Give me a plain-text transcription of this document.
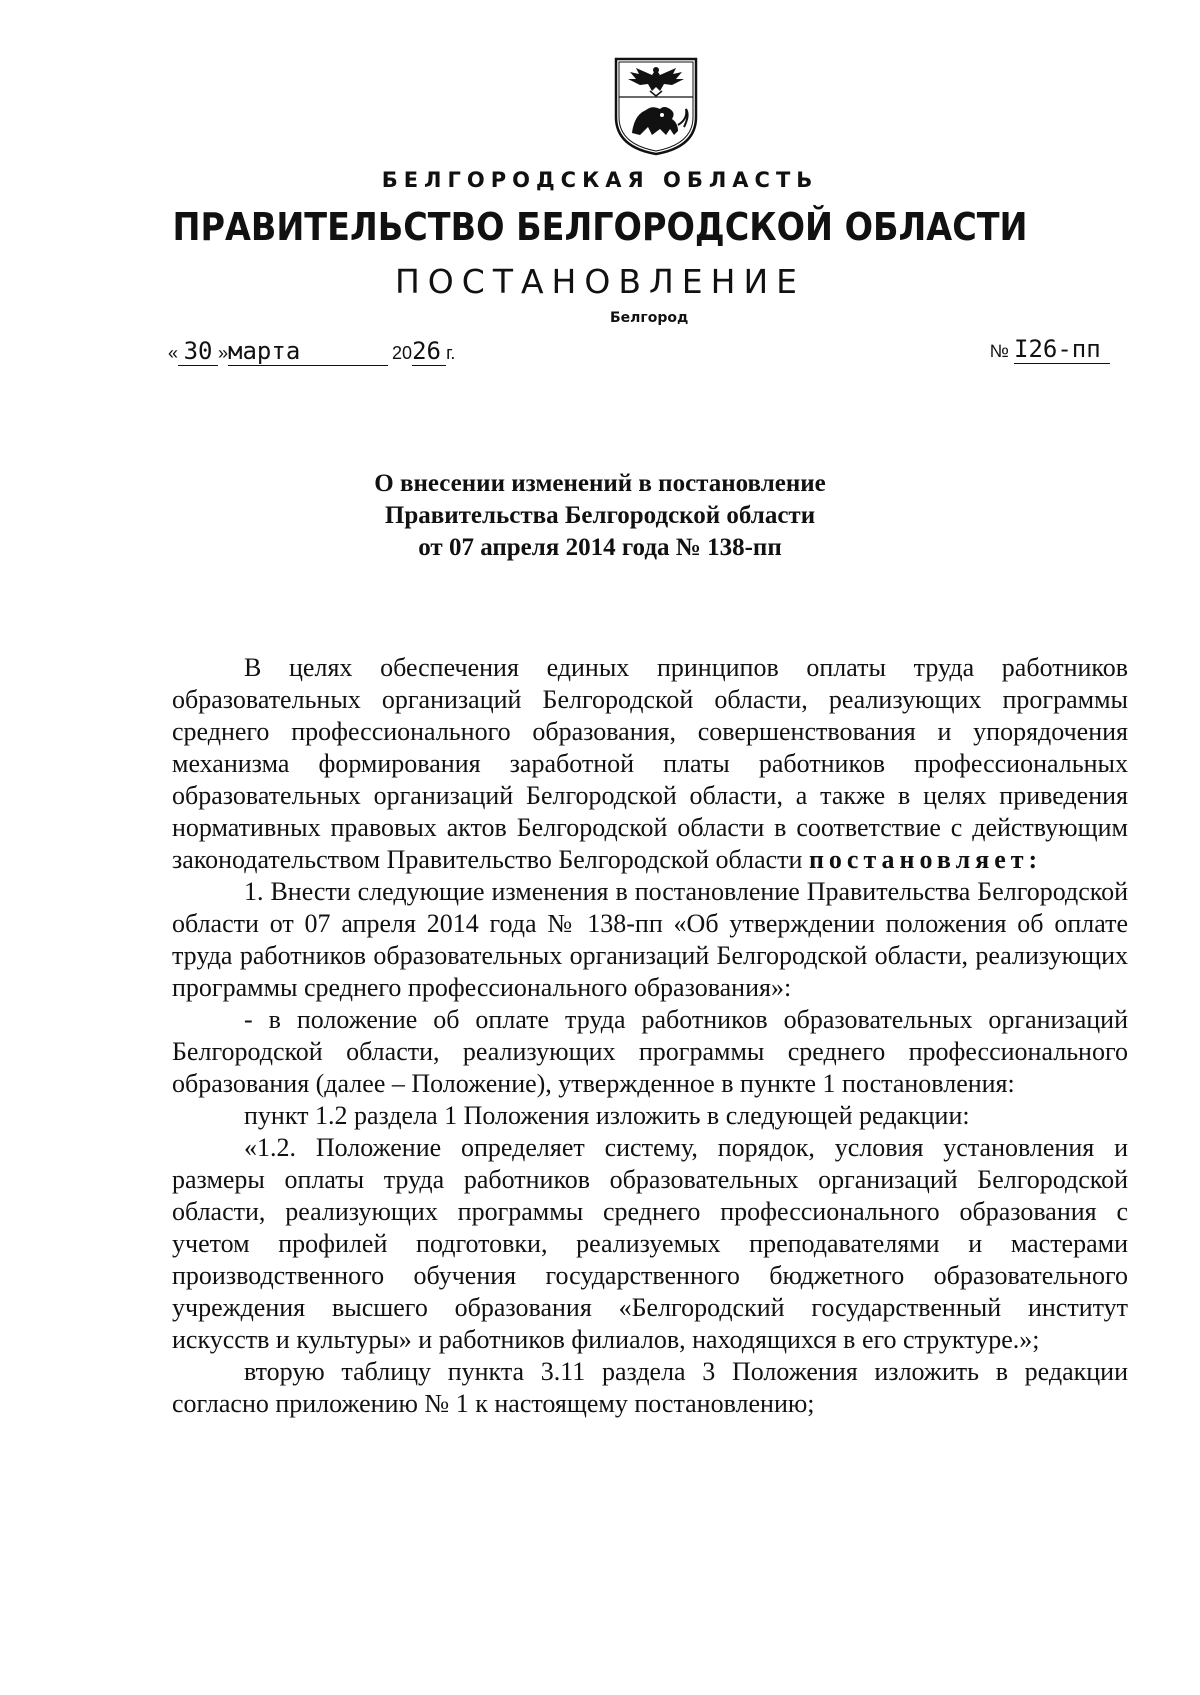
БЕЛГОРОДСКАЯ ОБЛАСТЬ
ПРАВИТЕЛЬСТВО БЕЛГОРОДСКОЙ ОБЛАСТИ
ПОСТАНОВЛЕНИЕ
Белгород
« 30 »марта	2026 г.	№ I26-пп
О внесении изменений в постановление
Правительства Белгородской области
от 07 апреля 2014 года № 138-пп

В целях обеспечения единых принципов оплаты труда работников образовательных организаций Белгородской области, реализующих программы среднего профессионального образования, совершенствования и упорядочения механизма формирования заработной платы работников профессиональных образовательных организаций Белгородской области, а также в целях приведения нормативных правовых актов Белгородской области в соответствие с действующим законодательством Правительство Белгородской области постановляет:

1. Внести следующие изменения в постановление Правительства Белгородской области от 07 апреля 2014 года № 138-пп «Об утверждении положения об оплате труда работников образовательных организаций Белгородской области, реализующих программы среднего профессионального образования»:

- в положение об оплате труда работников образовательных организаций Белгородской области, реализующих программы среднего профессионального образования (далее – Положение), утвержденное в пункте 1 постановления:

пункт 1.2 раздела 1 Положения изложить в следующей редакции:

«1.2. Положение определяет систему, порядок, условия установления и размеры оплаты труда работников образовательных организаций Белгородской области, реализующих программы среднего профессионального образования с учетом профилей подготовки, реализуемых преподавателями и мастерами производственного обучения государственного бюджетного образовательного учреждения высшего образования «Белгородский государственный институт искусств и культуры» и работников филиалов, находящихся в его структуре.»;

вторую таблицу пункта 3.11 раздела 3 Положения изложить в редакции согласно приложению № 1 к настоящему постановлению;
